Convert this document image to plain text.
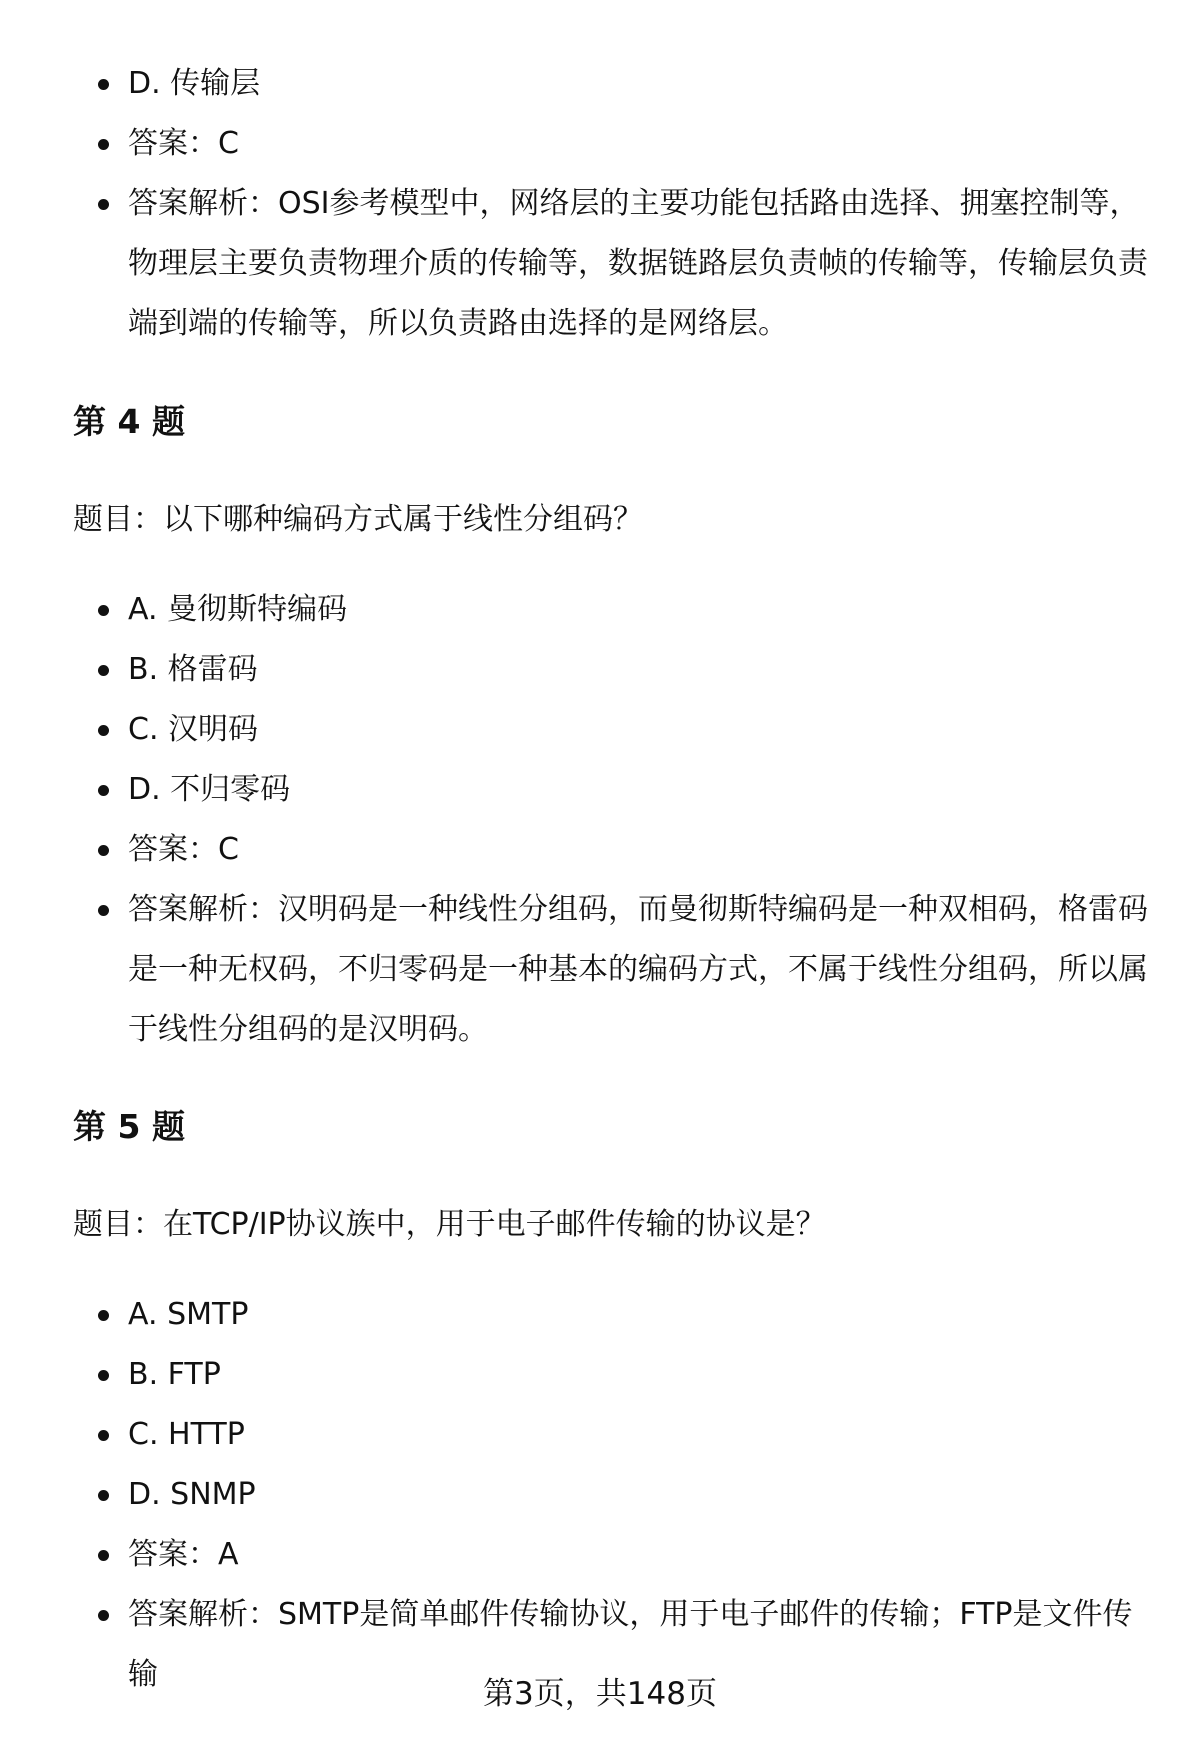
D. 传输层
答案：C
答案解析：OSI参考模型中，网络层的主要功能包括路由选择、拥塞控制等，物理层主要负责物理介质的传输等，数据链路层负责帧的传输等，传输层负责端到端的传输等，所以负责路由选择的是网络层。
第 4 题

题目：以下哪种编码方式属于线性分组码？

A. 曼彻斯特编码
B. 格雷码
C. 汉明码
D. 不归零码
答案：C
答案解析：汉明码是一种线性分组码，而曼彻斯特编码是一种双相码，格雷码是一种无权码，不归零码是一种基本的编码方式，不属于线性分组码，所以属于线性分组码的是汉明码。
第 5 题

题目：在TCP/IP协议族中，用于电子邮件传输的协议是？

A. SMTP
B. FTP
C. HTTP
D. SNMP
答案：A
答案解析：SMTP是简单邮件传输协议，用于电子邮件的传输；FTP是文件传输
第3页，共148页
